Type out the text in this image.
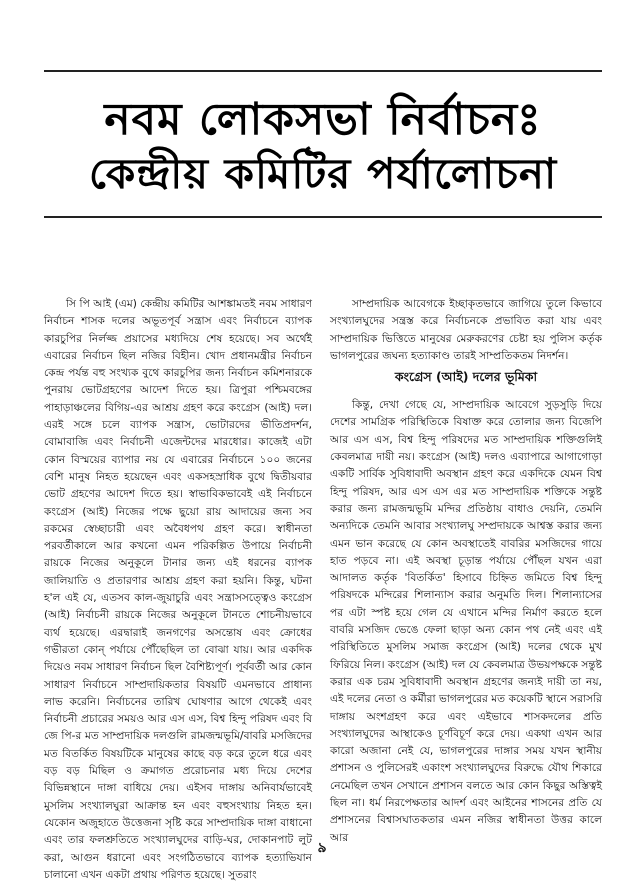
নবম লোকসভা নির্বাচনঃ
কেন্দ্রীয় কমিটির পর্যালোচনা

সি পি আই (এম) কেন্দ্রীয় কমিটির আশঙ্কামতই নবম সাধারণ নির্বাচন শাসক দলের অভূতপূর্ব সন্ত্রাস এবং নির্বাচনে ব্যাপক কারচুপির নির্লজ্জ প্রয়াসের মধ্যদিয়ে শেষ হয়েছে। সব অর্থেই এবারের নির্বাচন ছিল নজির বিহীন। খোদ প্রধানমন্ত্রীর নির্বাচন কেন্দ্র পর্যন্ত বহু সংখ্যক বুথে কারচুপির জন্য নির্বাচন কমিশনারকে পুনরায় ভোটগ্রহণের আদেশ দিতে হয়। ত্রিপুরা পশ্চিমবঙ্গের পাহাড়াঞ্চলের বিগিয়-এর আশ্রয় গ্রহণ করে কংগ্রেস (আই) দল। এরই সঙ্গে চলে ব্যাপক সন্ত্রাস, ভোটারদের ভীতিপ্রদর্শন, বোমাবাজি এবং নির্বাচনী এজেন্টদের মারধোর। কাজেই এটা কোন বিস্ময়ের ব্যাপার নয় যে এবারের নির্বাচনে ১০০ জনের বেশি মানুষ নিহত হয়েছেন এবং একসহস্রাধিক বুথে দ্বিতীয়বার ভোট গ্রহণের আদেশ দিতে হয়। স্বাভাবিকভাবেই এই নির্বাচনে কংগ্রেস (আই) নিজের পক্ষে ছুয়ো রায় আদায়ের জন্য সব রকমের স্বেচ্ছাচারী এবং অবৈধপথ গ্রহণ করে। স্বাধীনতা পরবর্তীকালে আর কখনো এমন পরিকল্পিত উপায়ে নির্বাচনী রায়কে নিজের অনুকূলে টানার জন্য এই ধরনের ব্যাপক জালিয়াতি ও প্রতারণার আশ্রয় গ্রহণ করা হয়নি। কিন্তু, ঘটনা হ'ল এই যে, এতসব কাল-জুয়াচুরি এবং সন্ত্রাসসত্ত্বেও কংগ্রেস (আই) নির্বাচনী রায়কে নিজের অনুকূলে টানতে শোচনীয়ভাবে ব্যর্থ হয়েছে। এরদ্বারাই জনগণের অসন্তোষ এবং ক্রোধের গভীরতা কোন্ পর্যায়ে পৌঁছেছিল তা বোঝা যায়। আর একদিক দিয়েও নবম সাধারণ নির্বাচন ছিল বৈশিষ্ট্যপূর্ণ। পূর্ববর্তী আর কোন সাধারণ নির্বাচনে সাম্প্রদায়িকতার বিষয়টি এমনভাবে প্রাধান্য লাভ করেনি। নির্বাচনের তারিখ ঘোষণার আগে থেকেই এবং নির্বাচনী প্রচারের সময়ও আর এস এস, বিশ্ব হিন্দু পরিষদ এবং বি জে পি-র মত সাম্প্রদায়িক দলগুলি রামজন্মভূমি/বাবরি মসজিদের মত বিতর্কিত বিষয়টিকে মানুষের কাছে বড় করে তুলে ধরে এবং বড় বড় মিছিল ও ক্রমাগত প্ররোচনার মধ্য দিয়ে দেশের বিভিন্নস্থানে দাঙ্গা বাধিয়ে দেয়। এইসব দাঙ্গায় অনিবার্যভাবেই মুসলিম সংখ্যালঘুরা আক্রান্ত হন এবং বহুসংখ্যায় নিহত হন। যেকোন অজুহাতে উত্তেজনা সৃষ্টি করে সাম্প্রদায়িক দাঙ্গা বাধানো এবং তার ফলশ্রুতিতে সংখ্যালঘুদের বাড়ি-ঘর, দোকানপাট লুট করা, আগুন ধরানো এবং সংগঠিতভাবে ব্যাপক হত্যাভিযান চালানো এখন একটা প্রথায় পরিণত হয়েছে। সুতরাং

সাম্প্রদায়িক আবেগকে ইচ্ছাকৃতভাবে জাগিয়ে তুলে কিভাবে সংখ্যালঘুদের সন্ত্রস্ত করে নির্বাচনকে প্রভাবিত করা যায় এবং সাম্প্রদায়িক ভিত্তিতে মানুষের মেরুকরণের চেষ্টা হয় পুলিস কর্তৃক ভাগলপুরের জঘন্য হত্যাকাণ্ড তারই সাম্প্রতিকতম নিদর্শন।

কংগ্রেস (আই) দলের ভূমিকা

কিন্তু, দেখা গেছে যে, সাম্প্রদায়িক আবেগে সুড়সুড়ি দিয়ে দেশের সামগ্রিক পরিস্থিতিকে বিষাক্ত করে তোলার জন্য বিজেপি আর এস এস, বিশ্ব হিন্দু পরিষদের মত সাম্প্রদায়িক শক্তিগুলিই কেবলমাত্র দায়ী নয়। কংগ্রেস (আই) দলও এব্যাপারে আগাগোড়া একটি সার্বিক সুবিধাবাদী অবস্থান গ্রহণ করে একদিকে যেমন বিশ্ব হিন্দু পরিষদ, আর এস এস এর মত সাম্প্রদায়িক শক্তিকে সন্তুষ্ট করার জন্য রামজন্মভূমি মন্দির প্রতিষ্ঠায় বাধাও দেয়নি, তেমনি অন্যদিকে তেমনি আবার সংখ্যালঘু সম্প্রদায়কে আশ্বস্ত করার জন্য এমন ভান করেছে যে কোন অবস্থাতেই বাবরির মসজিদের গায়ে হাত পড়বে না। এই অবস্থা চূড়ান্ত পর্যায়ে পৌঁছল যখন এরা আদালত কর্তৃক 'বিতর্কিত' হিসাবে চিহ্নিত জমিতে বিশ্ব হিন্দু পরিষদকে মন্দিরের শিলান্যাস করার অনুমতি দিল। শিলান্যাসের পর এটা স্পষ্ট হয়ে গেল যে এখানে মন্দির নির্মাণ করতে হলে বাবরি মসজিদ ভেঙে ফেলা ছাড়া অন্য কোন পথ নেই এবং এই পরিস্থিতিতে মুসলিম সমাজ কংগ্রেস (আই) দলের থেকে মুখ ফিরিয়ে নিল। কংগ্রেস (আই) দল যে কেবলমাত্র উভয়পক্ষকে সন্তুষ্ট করার এক চরম সুবিধাবাদী অবস্থান গ্রহণের জন্যই দায়ী তা নয়, এই দলের নেতা ও কর্মীরা ভাগলপুরের মত কয়েকটি স্থানে সরাসরি দাঙ্গায় অংশগ্রহণ করে এবং এইভাবে শাসকদলের প্রতি সংখ্যালঘুদের আস্থাকেও চূর্ণবিচূর্ণ করে দেয়। একথা এখন আর কারো অজানা নেই যে, ভাগলপুরের দাঙ্গার সময় যখন স্থানীয় প্রশাসন ও পুলিসেরই একাংশ সংখ্যালঘুদের বিরুদ্ধে যৌথ শিকারে নেমেছিল তখন সেখানে প্রশাসন বলতে আর কোন কিছুর অস্তিত্বই ছিল না। ধর্ম নিরপেক্ষতার আদর্শ এবং আইনের শাসনের প্রতি যে প্রশাসনের বিশ্বাসঘাতকতার এমন নজির স্বাধীনতা উত্তর কালে আর

৯
